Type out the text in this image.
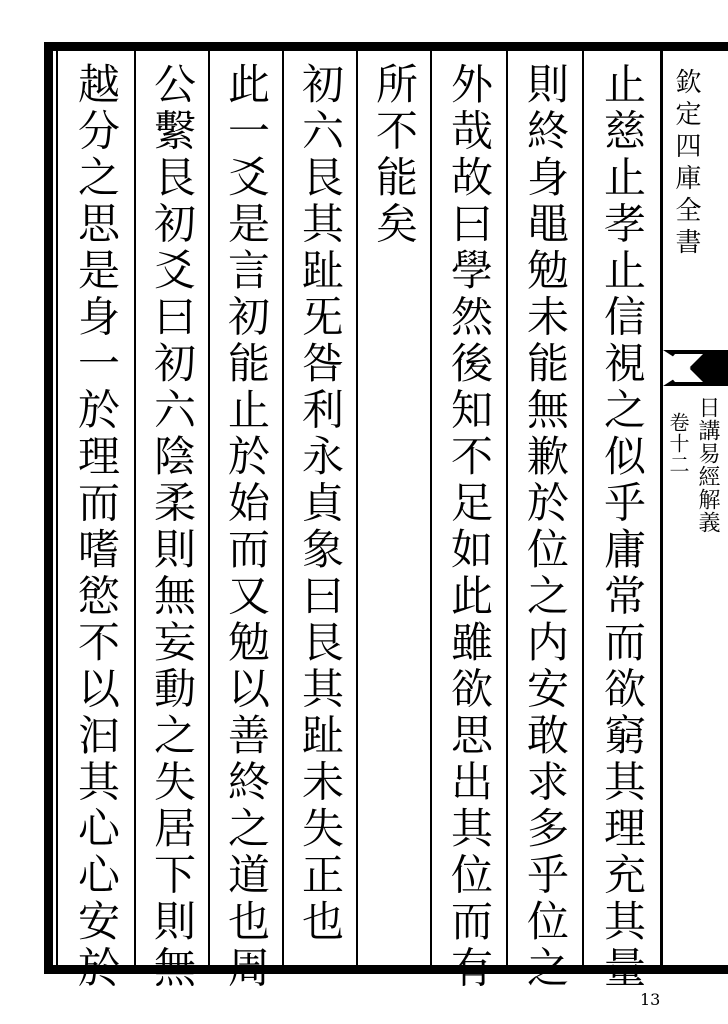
欽定四庫全書
日講易經解義
卷十二
止慈止孝止信視之似乎庸常而欲窮其理充其量
則終身黽勉未能無歉於位之内安敢求多乎位之
外哉故曰學然後知不足如此雖欲思出其位而有
所不能矣
初六艮其趾旡咎利永貞象曰艮其趾未失正也
此一爻是言初能止於始而又勉以善終之道也周
公繫艮初爻曰初六陰柔則無妄動之失居下則無
越分之思是身一於理而嗜慾不以汩其心心安於
13
